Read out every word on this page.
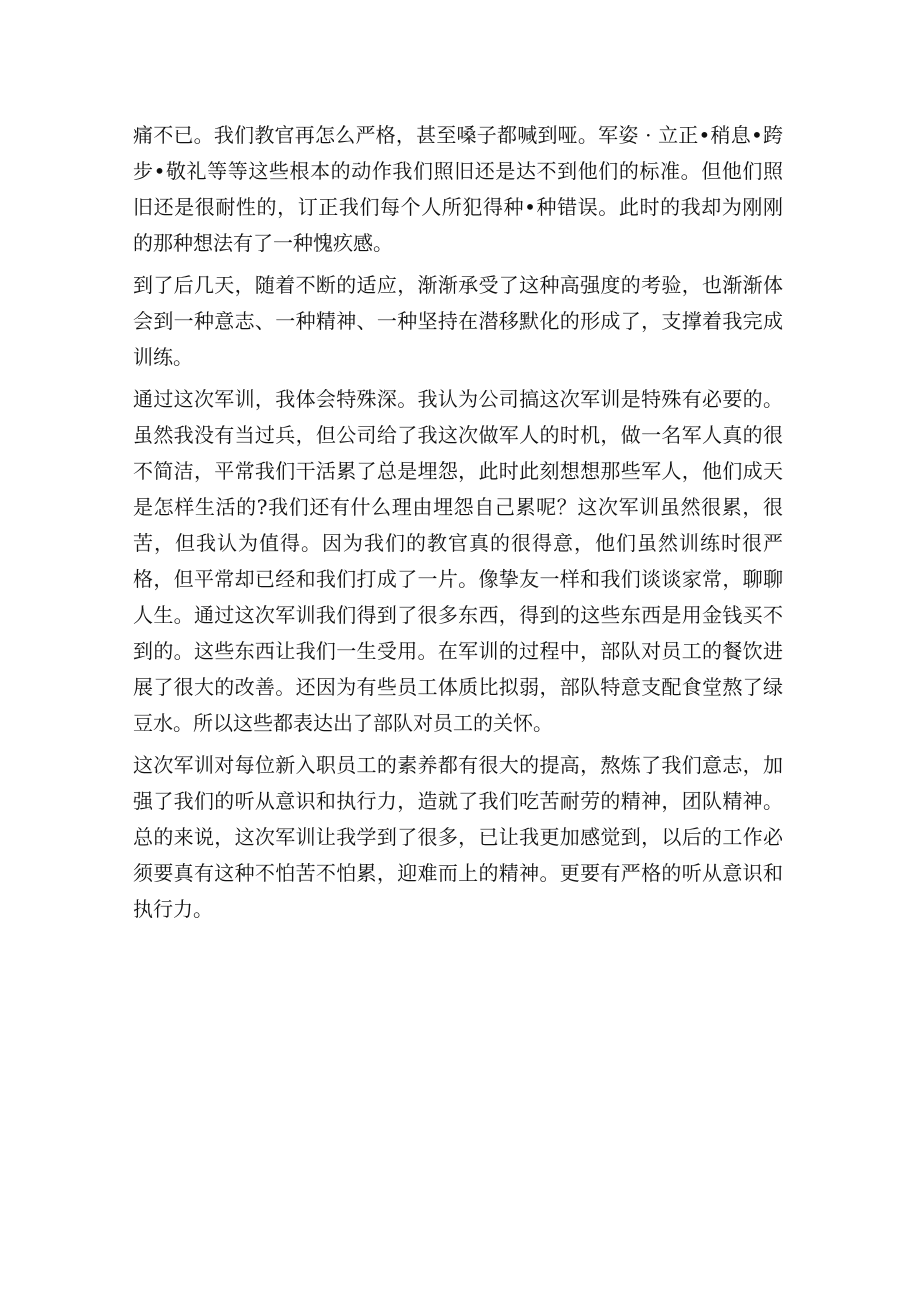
痛不已。我们教官再怎么严格，甚至嗓子都喊到哑。军姿 · 立正•稍息•跨步•敬礼等等这些根本的动作我们照旧还是达不到他们的标准。但他们照旧还是很耐性的，订正我们每个人所犯得种•种错误。此时的我却为刚刚的那种想法有了一种愧疚感。

到了后几天，随着不断的适应，渐渐承受了这种高强度的考验，也渐渐体会到一种意志、一种精神、一种坚持在潜移默化的形成了，支撑着我完成训练。

通过这次军训，我体会特殊深。我认为公司搞这次军训是特殊有必要的。虽然我没有当过兵，但公司给了我这次做军人的时机，做一名军人真的很不简洁，平常我们干活累了总是埋怨，此时此刻想想那些军人，他们成天是怎样生活的?我们还有什么理由埋怨自己累呢？这次军训虽然很累，很苦，但我认为值得。因为我们的教官真的很得意，他们虽然训练时很严格，但平常却已经和我们打成了一片。像挚友一样和我们谈谈家常，聊聊人生。通过这次军训我们得到了很多东西，得到的这些东西是用金钱买不到的。这些东西让我们一生受用。在军训的过程中，部队对员工的餐饮进展了很大的改善。还因为有些员工体质比拟弱，部队特意支配食堂熬了绿豆水。所以这些都表达出了部队对员工的关怀。

这次军训对每位新入职员工的素养都有很大的提高，熬炼了我们意志，加强了我们的听从意识和执行力，造就了我们吃苦耐劳的精神，团队精神。总的来说，这次军训让我学到了很多，已让我更加感觉到，以后的工作必须要真有这种不怕苦不怕累，迎难而上的精神。更要有严格的听从意识和执行力。
